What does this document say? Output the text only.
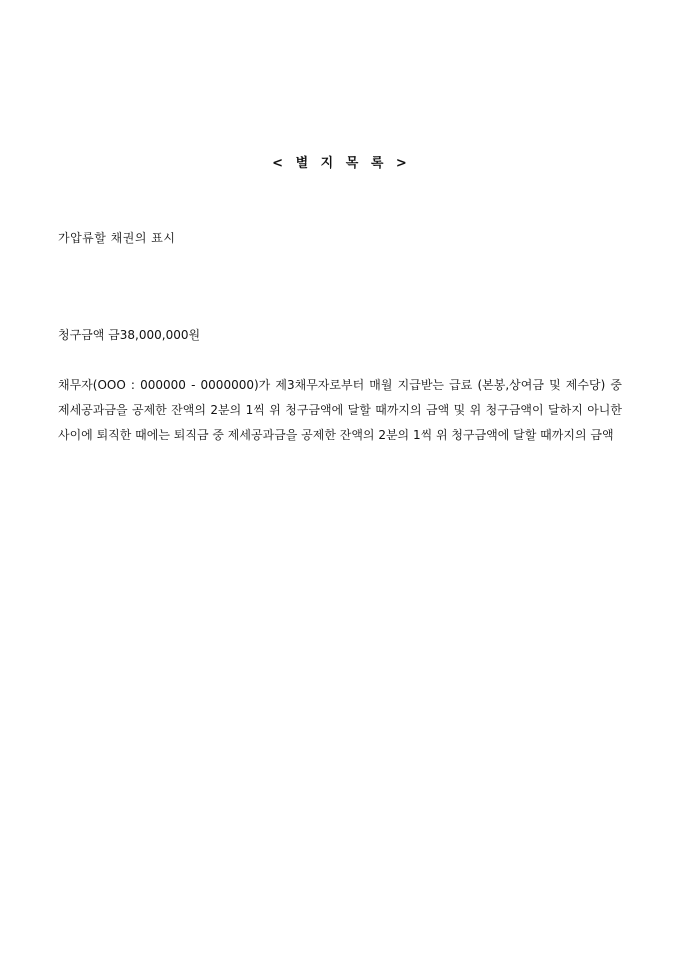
< 별 지 목 록 >
가압류할 채권의 표시
청구금액 금38,000,000원
채무자(OOO : 000000 - 0000000)가 제3채무자로부터 매월 지급받는 급료 (본봉,상여금 및 제수당) 중 제세공과금을 공제한 잔액의 2분의 1씩 위 청구금액에 달할 때까지의 금액 및 위 청구금액이 달하지 아니한 사이에 퇴직한 때에는 퇴직금 중 제세공과금을 공제한 잔액의 2분의 1씩 위 청구금액에 달할 때까지의 금액
